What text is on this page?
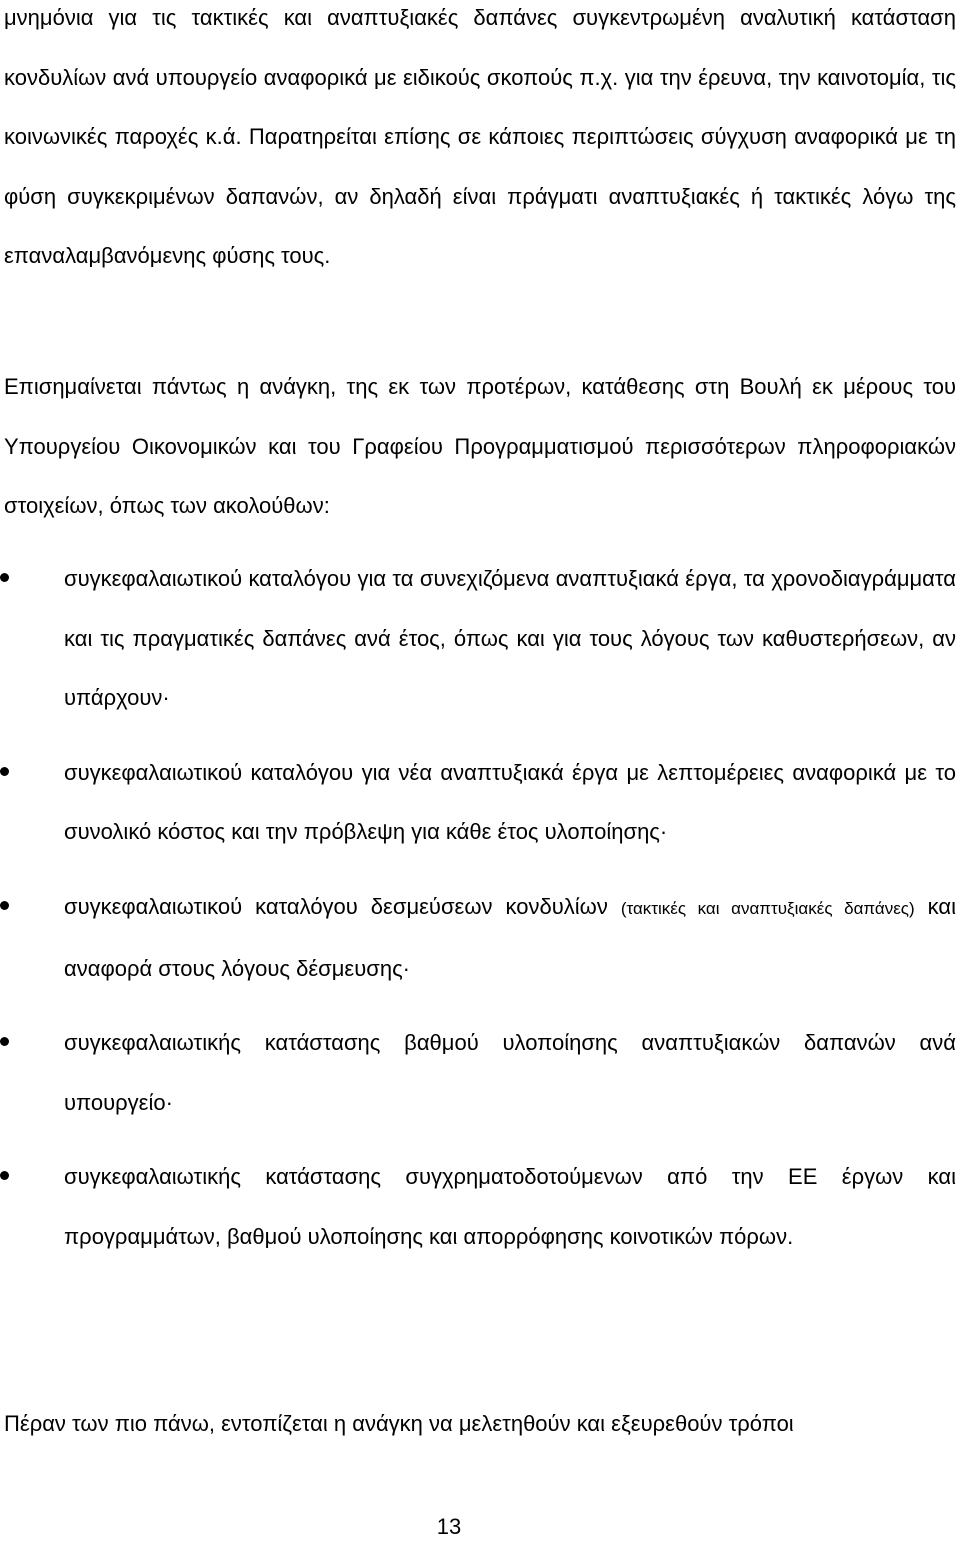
μνημόνια για τις τακτικές και αναπτυξιακές δαπάνες συγκεντρωμένη αναλυτική κατάσταση κονδυλίων ανά υπουργείο αναφορικά με ειδικούς σκοπούς π.χ. για την έρευνα, την καινοτομία, τις κοινωνικές παροχές κ.ά. Παρατηρείται επίσης σε κάποιες περιπτώσεις σύγχυση αναφορικά με τη φύση συγκεκριμένων δαπανών, αν δηλαδή είναι πράγματι αναπτυξιακές ή τακτικές λόγω της επαναλαμβανόμενης φύσης τους.

Επισημαίνεται πάντως η ανάγκη, της εκ των προτέρων, κατάθεσης στη Βουλή εκ μέρους του Υπουργείου Οικονομικών και του Γραφείου Προγραμματισμού περισσότερων πληροφοριακών στοιχείων, όπως των ακολούθων:

συγκεφαλαιωτικού καταλόγου για τα συνεχιζόμενα αναπτυξιακά έργα, τα χρονοδιαγράμματα και τις πραγματικές δαπάνες ανά έτος, όπως και για τους λόγους των καθυστερήσεων, αν υπάρχουν·
συγκεφαλαιωτικού καταλόγου για νέα αναπτυξιακά έργα με λεπτομέρειες αναφορικά με το συνολικό κόστος και την πρόβλεψη για κάθε έτος υλοποίησης·
συγκεφαλαιωτικού καταλόγου δεσμεύσεων κονδυλίων (τακτικές και αναπτυξιακές δαπάνες) και αναφορά στους λόγους δέσμευσης·
συγκεφαλαιωτικής κατάστασης βαθμού υλοποίησης αναπτυξιακών δαπανών ανά υπουργείο·
συγκεφαλαιωτικής κατάστασης συγχρηματοδοτούμενων από την ΕΕ έργων και προγραμμάτων, βαθμού υλοποίησης και απορρόφησης κοινοτικών πόρων.

Πέραν των πιο πάνω, εντοπίζεται η ανάγκη να μελετηθούν και εξευρεθούν τρόποι

13
